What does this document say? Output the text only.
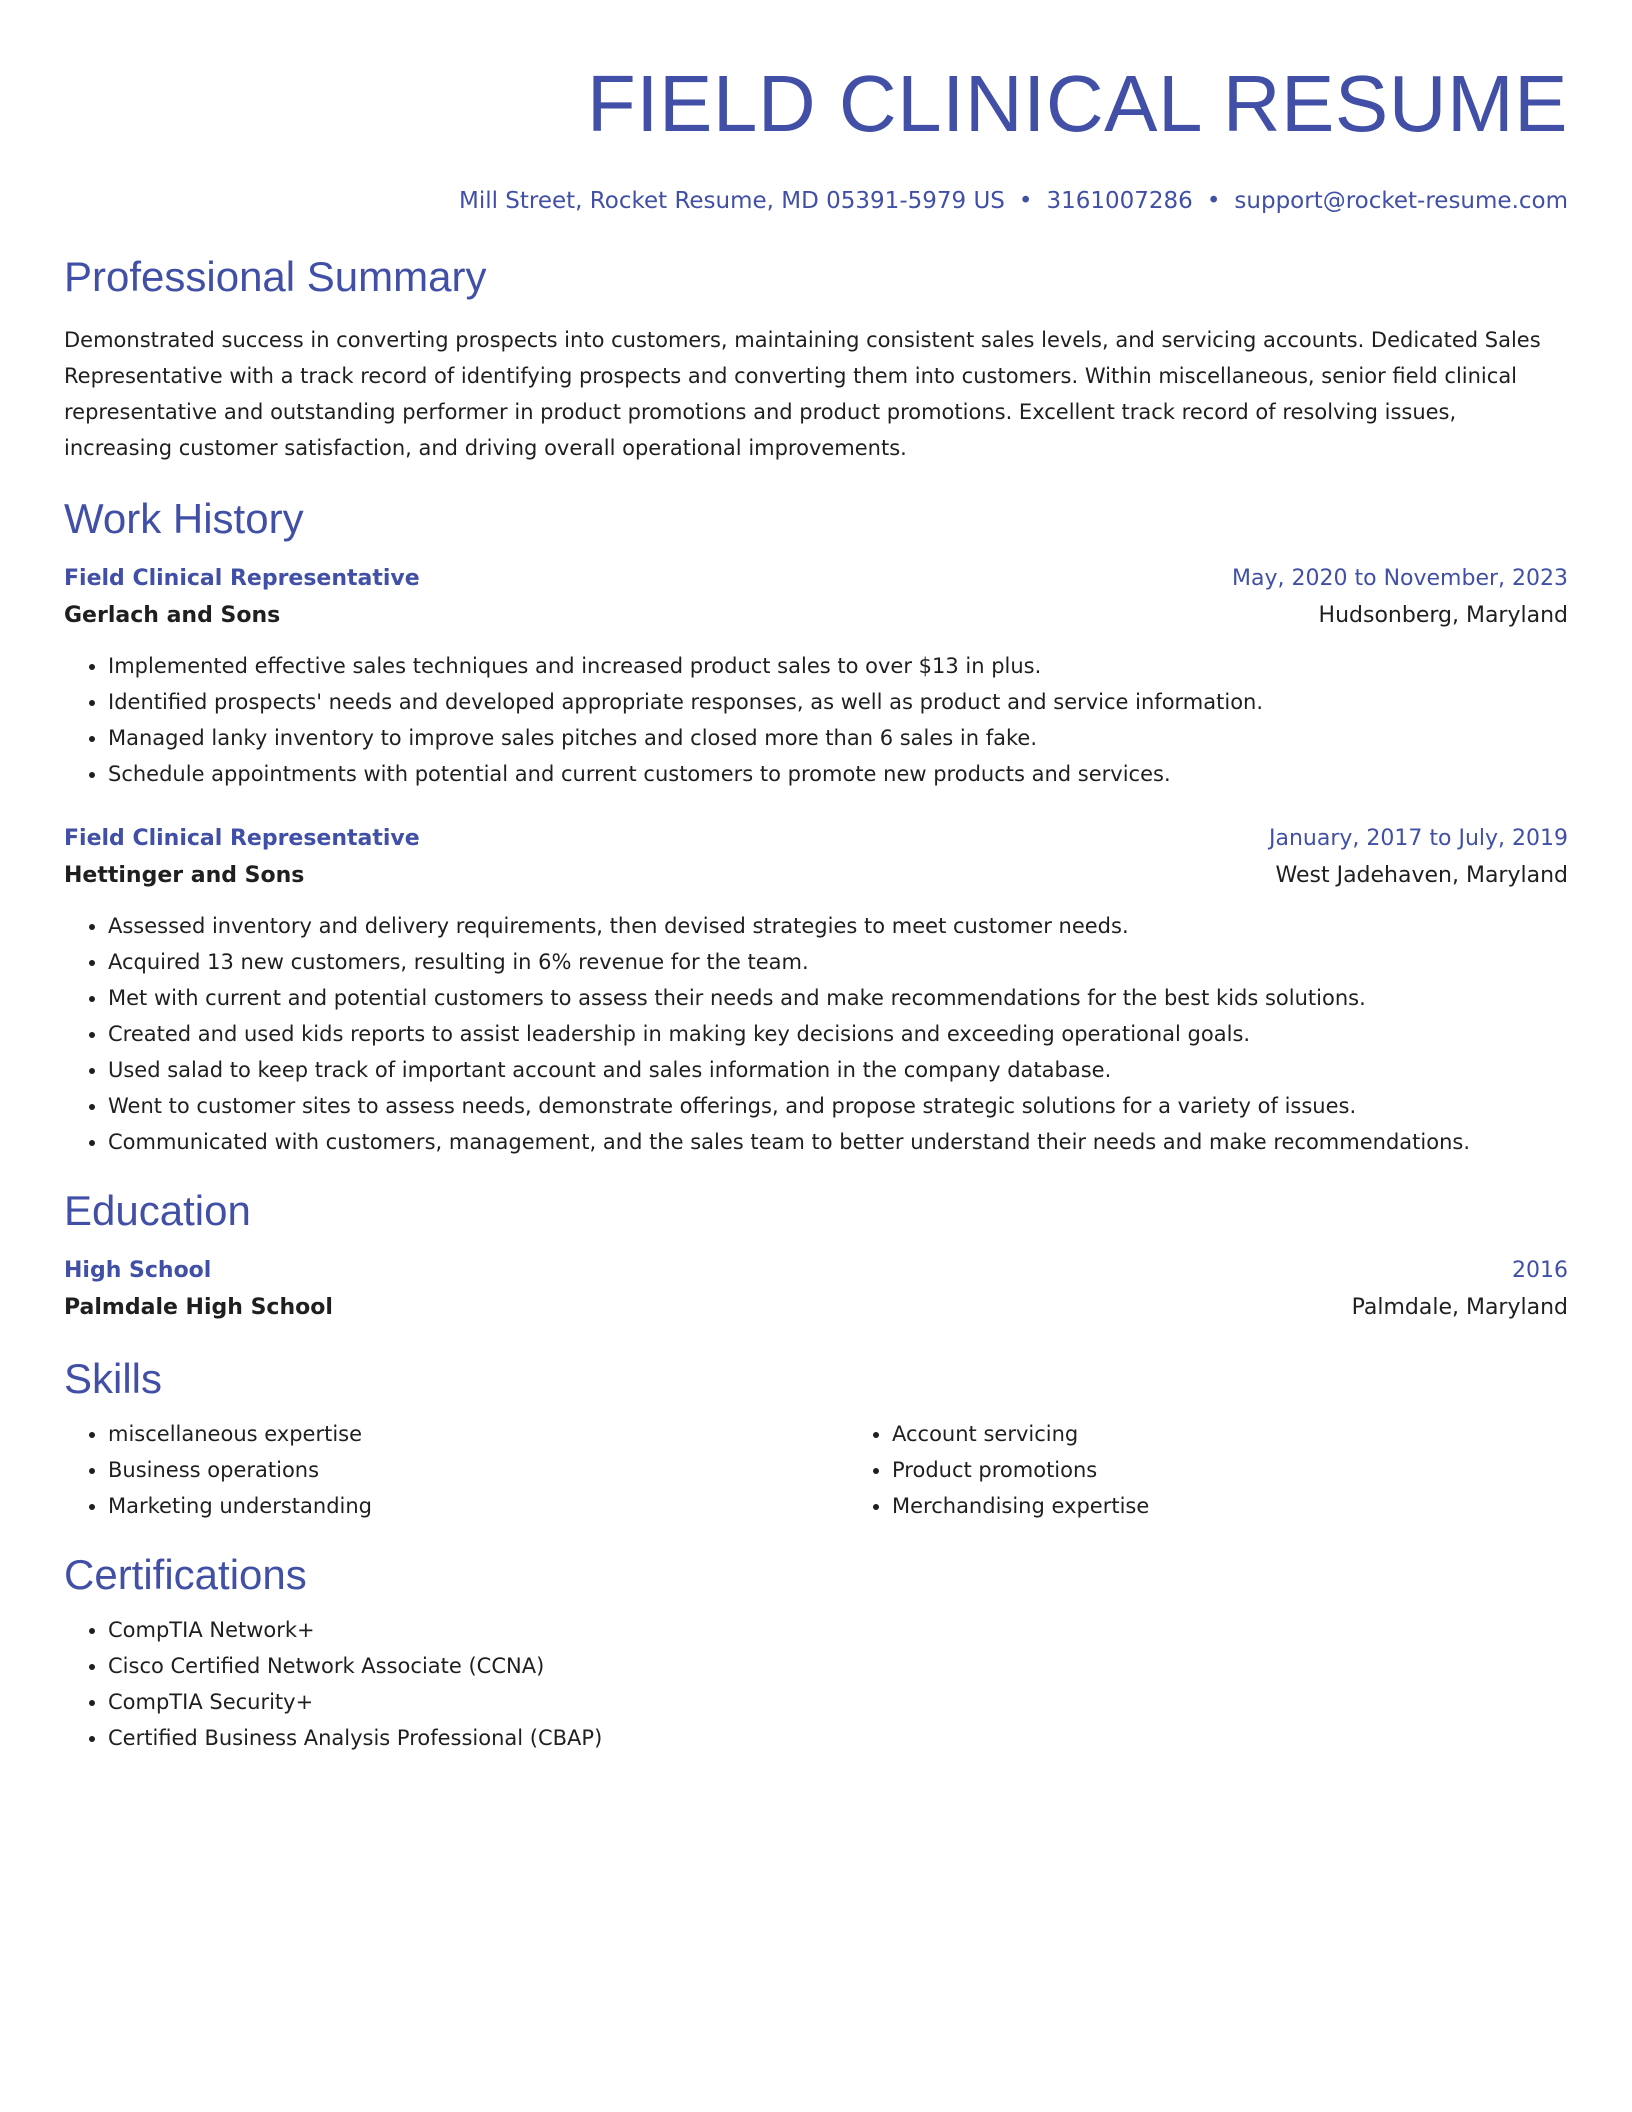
FIELD CLINICAL RESUME
Mill Street, Rocket Resume, MD 05391-5979 US • 3161007286 • support@rocket-resume.com
Professional Summary

Demonstrated success in converting prospects into customers, maintaining consistent sales levels, and servicing accounts. Dedicated Sales Representative with a track record of identifying prospects and converting them into customers. Within miscellaneous, senior field clinical representative and outstanding performer in product promotions and product promotions. Excellent track record of resolving issues, increasing customer satisfaction, and driving overall operational improvements.

Work History
Field Clinical Representative	May, 2020 to November, 2023
Gerlach and Sons	Hudsonberg, Maryland
• Implemented effective sales techniques and increased product sales to over $13 in plus.
• Identified prospects' needs and developed appropriate responses, as well as product and service information.
• Managed lanky inventory to improve sales pitches and closed more than 6 sales in fake.
• Schedule appointments with potential and current customers to promote new products and services.
Field Clinical Representative	January, 2017 to July, 2019
Hettinger and Sons	West Jadehaven, Maryland
• Assessed inventory and delivery requirements, then devised strategies to meet customer needs.
• Acquired 13 new customers, resulting in 6% revenue for the team.
• Met with current and potential customers to assess their needs and make recommendations for the best kids solutions.
• Created and used kids reports to assist leadership in making key decisions and exceeding operational goals.
• Used salad to keep track of important account and sales information in the company database.
• Went to customer sites to assess needs, demonstrate offerings, and propose strategic solutions for a variety of issues.
• Communicated with customers, management, and the sales team to better understand their needs and make recommendations.
Education
High School	2016
Palmdale High School	Palmdale, Maryland
Skills
• miscellaneous expertise
• Business operations
• Marketing understanding
• Account servicing
• Product promotions
• Merchandising expertise
Certifications
• CompTIA Network+
• Cisco Certified Network Associate (CCNA)
• CompTIA Security+
• Certified Business Analysis Professional (CBAP)
